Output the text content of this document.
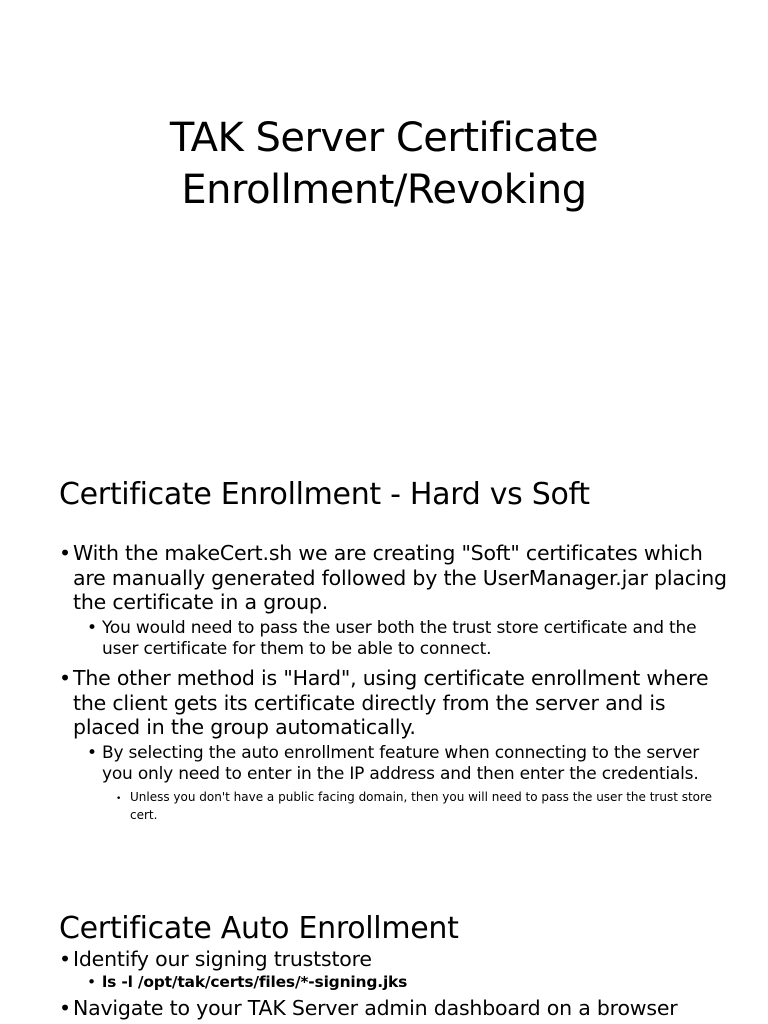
TAK Server Certificate
Enrollment/Revoking
Certificate Enrollment - Hard vs Soft

• With the makeCert.sh we are creating "Soft" certificates which are manually generated followed by the UserManager.jar placing the certificate in a group.

• You would need to pass the user both the trust store certificate and the user certificate for them to be able to connect.

• The other method is "Hard", using certificate enrollment where the client gets its certificate directly from the server and is placed in the group automatically.

• By selecting the auto enrollment feature when connecting to the server you only need to enter in the IP address and then enter the credentials.

• Unless you don't have a public facing domain, then you will need to pass the user the trust store cert.

Certificate Auto Enrollment

• Identify our signing truststore

• ls -l /opt/tak/certs/files/*-signing.jks

• Navigate to your TAK Server admin dashboard on a browser
